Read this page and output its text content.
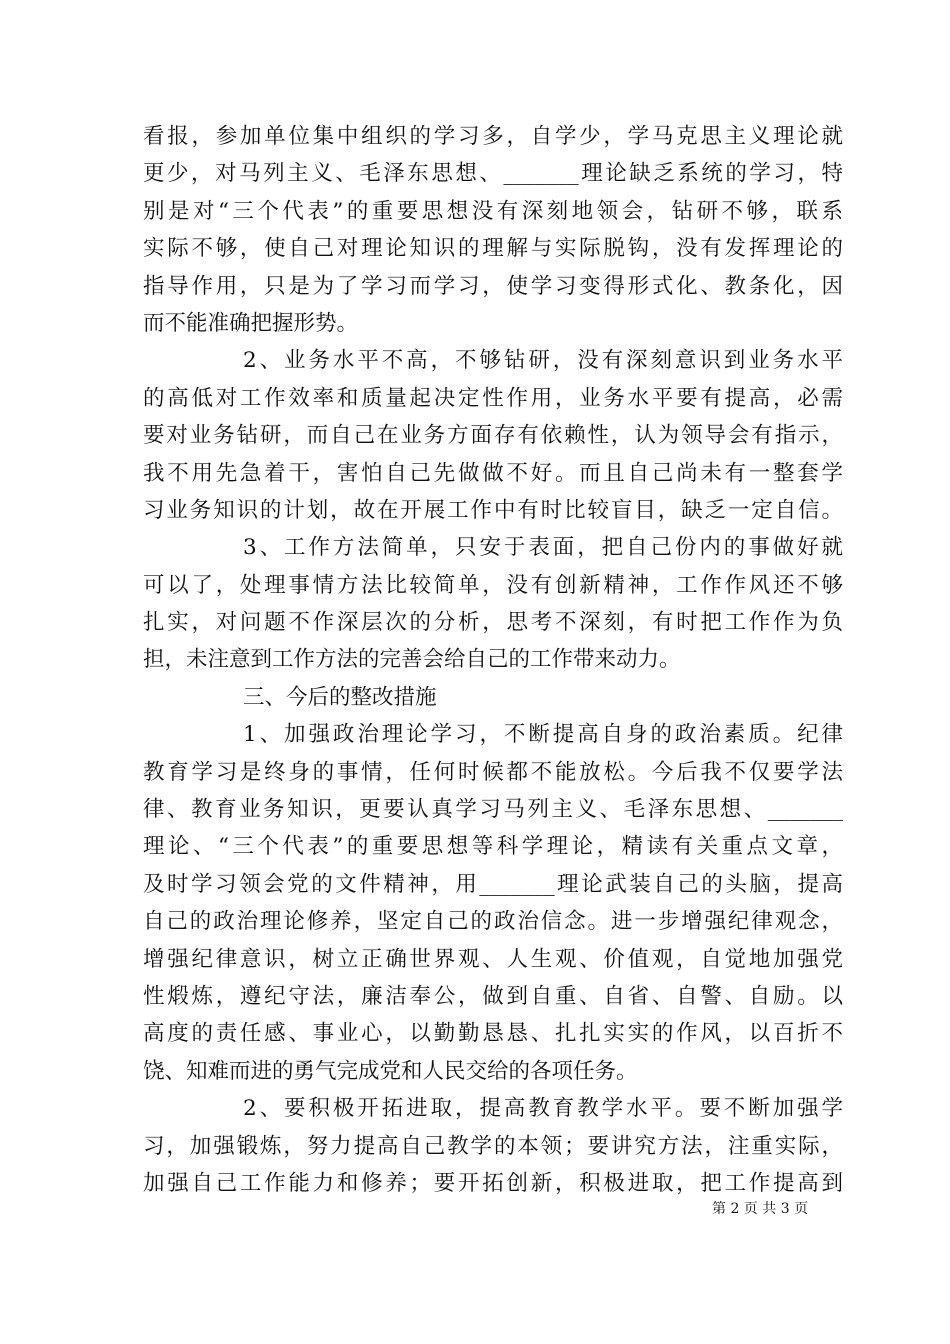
看报，参加单位集中组织的学习多，自学少，学马克思主义理论就
更少，对马列主义、毛泽东思想、_______理论缺乏系统的学习，特
别是对“三个代表”的重要思想没有深刻地领会，钻研不够，联系
实际不够，使自己对理论知识的理解与实际脱钩，没有发挥理论的
指导作用，只是为了学习而学习，使学习变得形式化、教条化，因
而不能准确把握形势。
2、业务水平不高，不够钻研，没有深刻意识到业务水平
的高低对工作效率和质量起决定性作用，业务水平要有提高，必需
要对业务钻研，而自己在业务方面存有依赖性，认为领导会有指示，
我不用先急着干，害怕自己先做做不好。而且自己尚未有一整套学
习业务知识的计划，故在开展工作中有时比较盲目，缺乏一定自信。
3、工作方法简单，只安于表面，把自己份内的事做好就
可以了，处理事情方法比较简单，没有创新精神，工作作风还不够
扎实，对问题不作深层次的分析，思考不深刻，有时把工作作为负
担，未注意到工作方法的完善会给自己的工作带来动力。
三、今后的整改措施
1、加强政治理论学习，不断提高自身的政治素质。纪律
教育学习是终身的事情，任何时候都不能放松。今后我不仅要学法
律、教育业务知识，更要认真学习马列主义、毛泽东思想、_______
理论、“三个代表”的重要思想等科学理论，精读有关重点文章，
及时学习领会党的文件精神，用_______理论武装自己的头脑，提高
自己的政治理论修养，坚定自己的政治信念。进一步增强纪律观念，
增强纪律意识，树立正确世界观、人生观、价值观，自觉地加强党
性煅炼，遵纪守法，廉洁奉公，做到自重、自省、自警、自励。以
高度的责任感、事业心，以勤勤恳恳、扎扎实实的作风，以百折不
饶、知难而进的勇气完成党和人民交给的各项任务。
2、要积极开拓进取，提高教育教学水平。要不断加强学
习，加强锻炼，努力提高自己教学的本领；要讲究方法，注重实际，
加强自己工作能力和修养；要开拓创新，积极进取，把工作提高到
第 2 页 共 3 页
